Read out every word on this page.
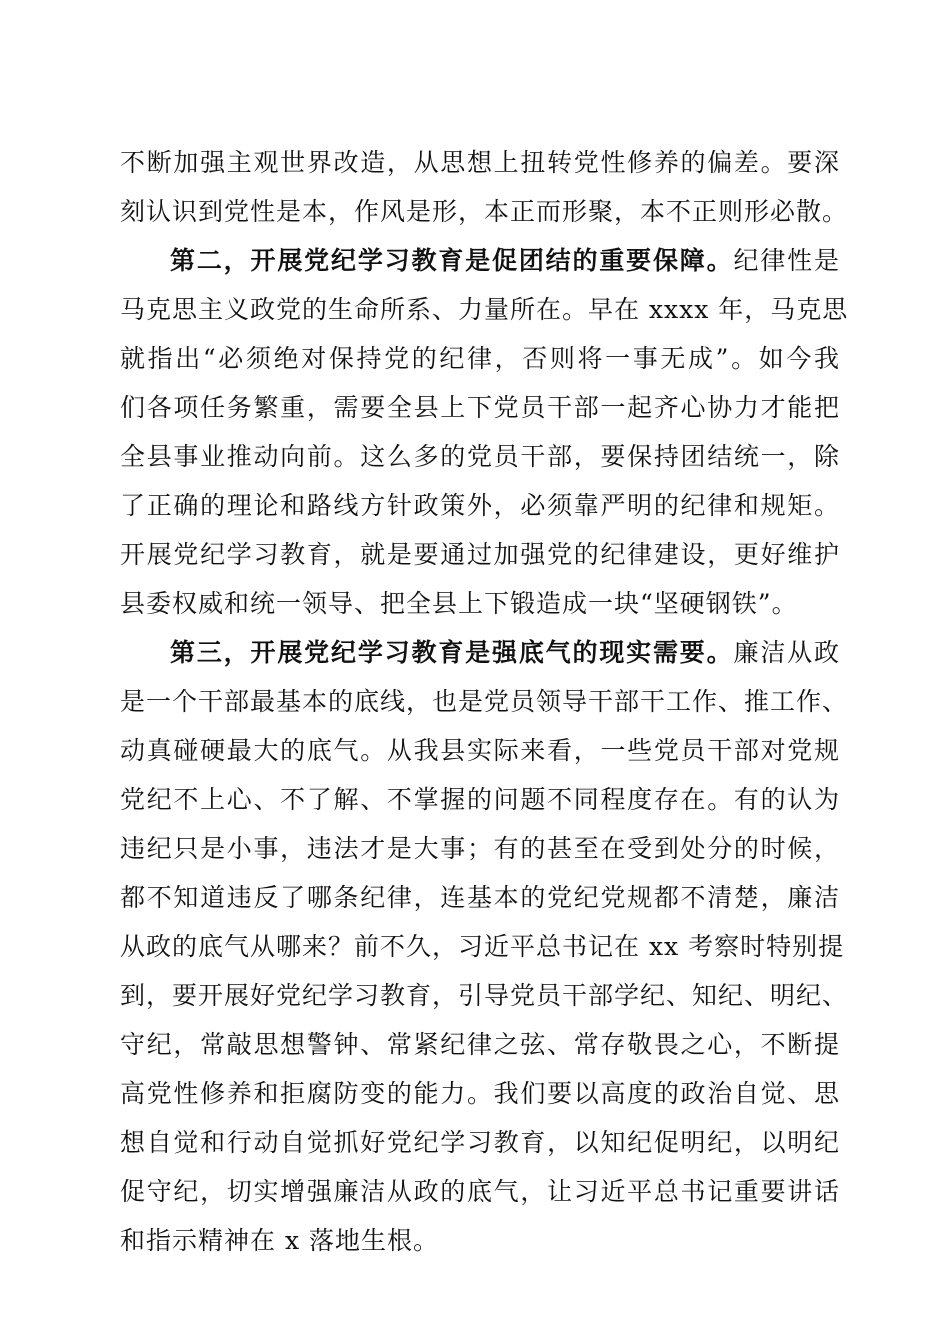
不断加强主观世界改造，从思想上扭转党性修养的偏差。要深
刻认识到党性是本，作风是形，本正而形聚，本不正则形必散。
第二，开展党纪学习教育是促团结的重要保障。纪律性是
马克思主义政党的生命所系、力量所在。早在 xxxx 年，马克思
就指出“必须绝对保持党的纪律，否则将一事无成”。如今我
们各项任务繁重，需要全县上下党员干部一起齐心协力才能把
全县事业推动向前。这么多的党员干部，要保持团结统一，除
了正确的理论和路线方针政策外，必须靠严明的纪律和规矩。
开展党纪学习教育，就是要通过加强党的纪律建设，更好维护
县委权威和统一领导、把全县上下锻造成一块“坚硬钢铁”。
第三，开展党纪学习教育是强底气的现实需要。廉洁从政
是一个干部最基本的底线，也是党员领导干部干工作、推工作、
动真碰硬最大的底气。从我县实际来看，一些党员干部对党规
党纪不上心、不了解、不掌握的问题不同程度存在。有的认为
违纪只是小事，违法才是大事；有的甚至在受到处分的时候，
都不知道违反了哪条纪律，连基本的党纪党规都不清楚，廉洁
从政的底气从哪来？前不久，习近平总书记在 xx 考察时特别提
到，要开展好党纪学习教育，引导党员干部学纪、知纪、明纪、
守纪，常敲思想警钟、常紧纪律之弦、常存敬畏之心，不断提
高党性修养和拒腐防变的能力。我们要以高度的政治自觉、思
想自觉和行动自觉抓好党纪学习教育，以知纪促明纪，以明纪
促守纪，切实增强廉洁从政的底气，让习近平总书记重要讲话
和指示精神在 x 落地生根。
